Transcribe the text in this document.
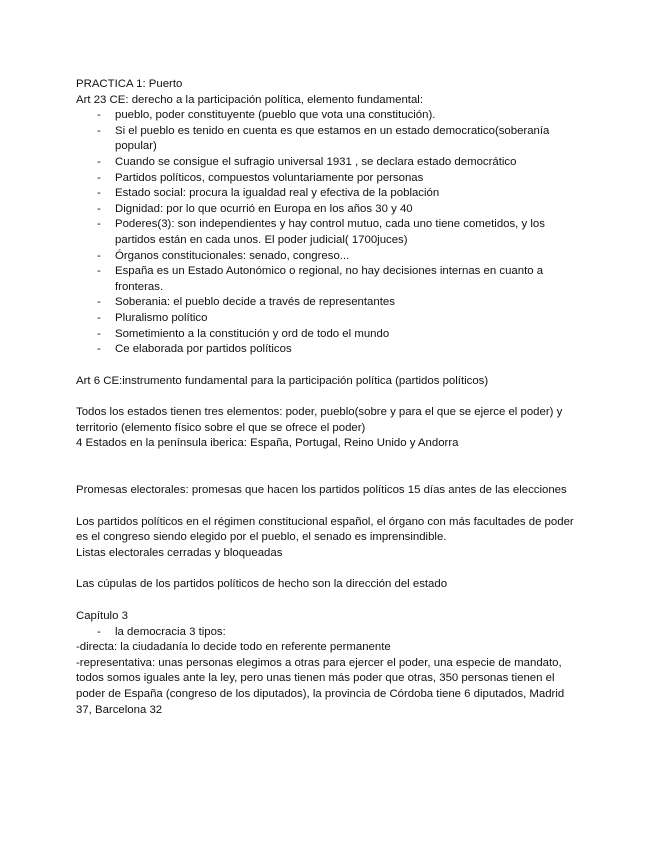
PRACTICA 1: Puerto

Art 23 CE: derecho a la participación política, elemento fundamental:

- pueblo, poder constituyente (pueblo que vota una constitución).
- Si el pueblo es tenido en cuenta es que estamos en un estado democratico(soberanía popular)
- Cuando se consigue el sufragio universal 1931 , se declara estado democrático
- Partidos políticos, compuestos voluntariamente por personas
- Estado social: procura la igualdad real y efectiva de la población
- Dignidad: por lo que ocurrió en Europa en los años 30 y 40
- Poderes(3): son independientes y hay control mutuo, cada uno tiene cometidos, y los partidos están en cada unos. El poder judicial( 1700juces)
- Órganos constitucionales: senado, congreso...
- España es un Estado Autonómico o regional, no hay decisiones internas en cuanto a fronteras.
- Soberania: el pueblo decide a través de representantes
- Pluralismo político
- Sometimiento a la constitución y ord de todo el mundo
- Ce elaborada por partidos políticos

Art 6 CE:instrumento fundamental para la participación política (partidos políticos)

Todos los estados tienen tres elementos: poder, pueblo(sobre y para el que se ejerce el poder) y territorio (elemento físico sobre el que se ofrece el poder)

4 Estados en la península iberica: España, Portugal, Reino Unido y Andorra

Promesas electorales: promesas que hacen los partidos políticos 15 días antes de las elecciones

Los partidos políticos en el régimen constitucional español, el órgano con más facultades de poder es el congreso siendo elegido por el pueblo, el senado es imprensindible.

Listas electorales cerradas y bloqueadas

Las cúpulas de los partidos políticos de hecho son la dirección del estado

Capítulo 3

- la democracia 3 tipos:

-directa: la ciudadanía lo decide todo en referente permanente

-representativa: unas personas elegimos a otras para ejercer el poder, una especie de mandato, todos somos iguales ante la ley, pero unas tienen más poder que otras, 350 personas tienen el poder de España (congreso de los diputados), la provincia de Córdoba tiene 6 diputados, Madrid 37, Barcelona 32
